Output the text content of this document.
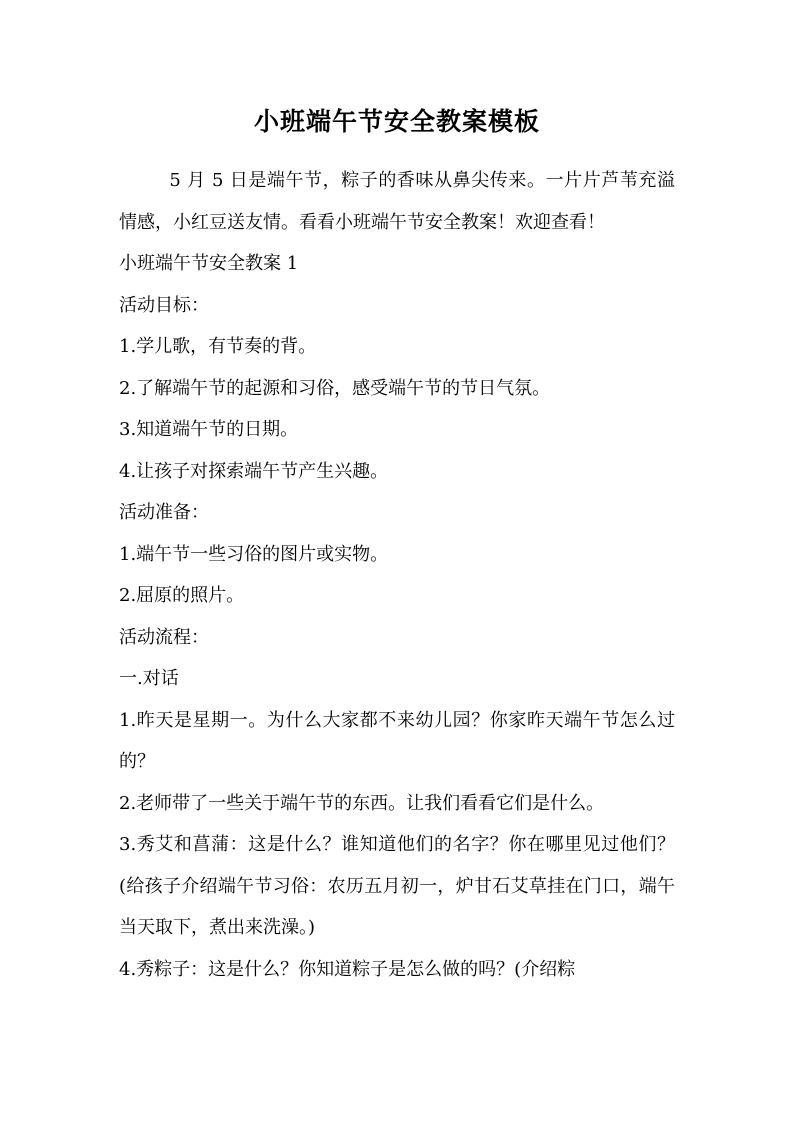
小班端午节安全教案模板

5 月 5 日是端午节，粽子的香味从鼻尖传来。一片片芦苇充溢情感，小红豆送友情。看看小班端午节安全教案！欢迎查看！

小班端午节安全教案 1

活动目标：

1.学儿歌，有节奏的背。

2.了解端午节的起源和习俗，感受端午节的节日气氛。

3.知道端午节的日期。

4.让孩子对探索端午节产生兴趣。

活动准备：

1.端午节一些习俗的图片或实物。

2.屈原的照片。

活动流程：

一.对话

1.昨天是星期一。为什么大家都不来幼儿园？你家昨天端午节怎么过的？

2.老师带了一些关于端午节的东西。让我们看看它们是什么。

3.秀艾和菖蒲：这是什么？谁知道他们的名字？你在哪里见过他们？(给孩子介绍端午节习俗：农历五月初一，炉甘石艾草挂在门口，端午当天取下，煮出来洗澡。)

4.秀粽子：这是什么？你知道粽子是怎么做的吗？(介绍粽
